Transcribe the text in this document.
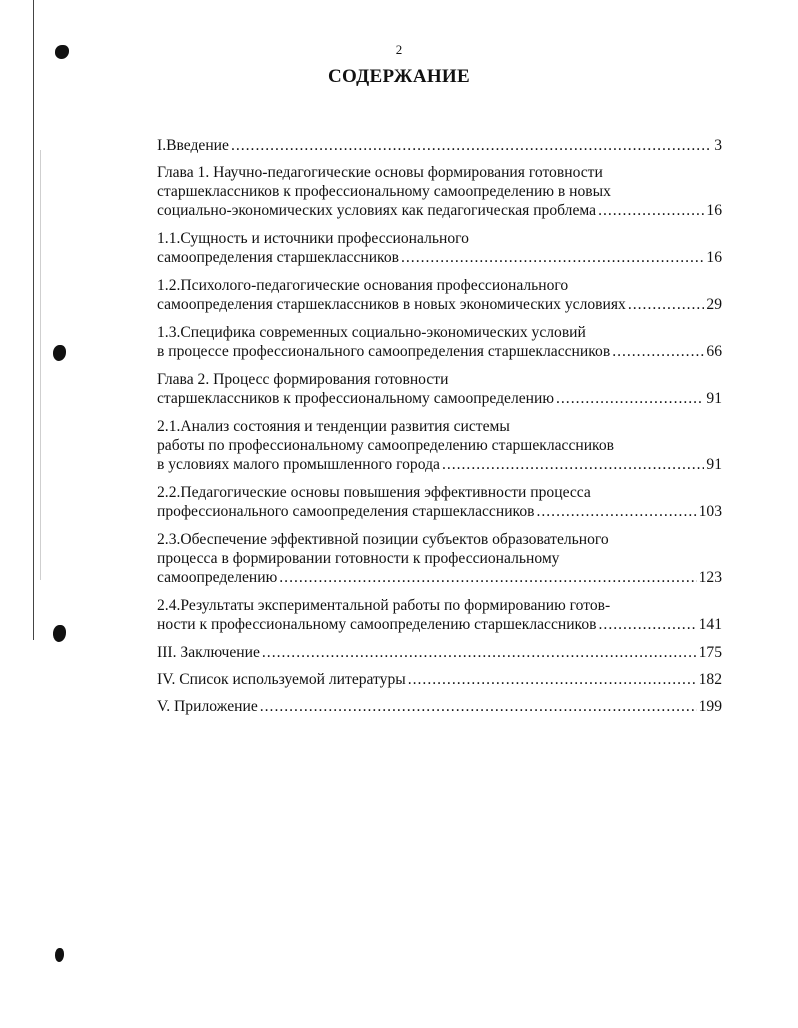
2
СОДЕРЖАНИЕ
I.Введение .....	3
Глава 1. Научно-педагогические основы формирования готовности
старшеклассников к профессиональному самоопределению в новых
социально-экономических условиях как педагогическая проблема .....	16
1.1.Сущность и источники профессионального
самоопределения старшеклассников .....	16
1.2.Психолого-педагогические основания профессионального
самоопределения старшеклассников в новых экономических условиях .....	29
1.3.Специфика современных социально-экономических условий
в процессе профессионального самоопределения старшеклассников .....	66
Глава 2. Процесс формирования готовности
старшеклассников к профессиональному самоопределению .....	91
2.1.Анализ состояния и тенденции развития системы
работы по профессиональному самоопределению старшеклассников
в условиях малого промышленного города .....	91
2.2.Педагогические основы повышения эффективности процесса
профессионального самоопределения старшеклассников .....	103
2.3.Обеспечение эффективной позиции субъектов образовательного
процесса в формировании готовности к профессиональному
самоопределению .....	123
2.4.Результаты экспериментальной работы по формированию готов-
ности к профессиональному самоопределению старшеклассников .....	141
III. Заключение .....	175
IV. Список используемой литературы .....	182
V. Приложение .....	199
